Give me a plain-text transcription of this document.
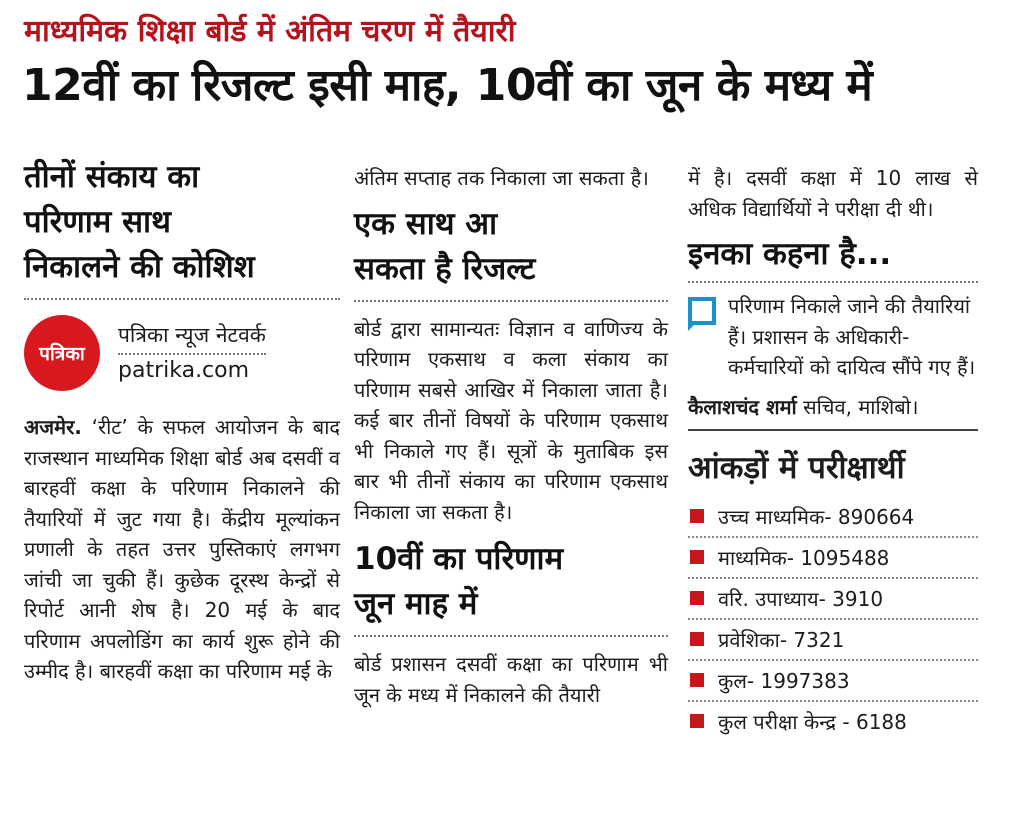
माध्यमिक शिक्षा बोर्ड में अंतिम चरण में तैयारी
12वीं का रिजल्ट इसी माह, 10वीं का जून के मध्य में
तीनों संकाय का
परिणाम साथ
निकालने की कोशिश
पत्रिका
पत्रिका न्यूज नेटवर्क
patrika.com
अजमेर. ‘रीट’ के सफल आयोजन के बाद राजस्थान माध्यमिक शिक्षा बोर्ड अब दसवीं व बारहवीं कक्षा के परिणाम निकालने की तैयारियों में जुट गया है। केंद्रीय मूल्यांकन प्रणाली के तहत उत्तर पुस्तिकाएं लगभग जांची जा चुकी हैं। कुछेक दूरस्थ केन्द्रों से रिपोर्ट आनी शेष है। 20 मई के बाद परिणाम अपलोडिंग का कार्य शुरू होने की उम्मीद है। बारहवीं कक्षा का परिणाम मई के
अंतिम सप्ताह तक निकाला जा सकता है।
एक साथ आ
सकता है रिजल्ट
बोर्ड द्वारा सामान्यतः विज्ञान व वाणिज्य के परिणाम एकसाथ व कला संकाय का परिणाम सबसे आखिर में निकाला जाता है। कई बार तीनों विषयों के परिणाम एकसाथ भी निकाले गए हैं। सूत्रों के मुताबिक इस बार भी तीनों संकाय का परिणाम एकसाथ निकाला जा सकता है।
10वीं का परिणाम
जून माह में
बोर्ड प्रशासन दसवीं कक्षा का परिणाम भी जून के मध्य में निकालने की तैयारी
में है। दसवीं कक्षा में 10 लाख से अधिक विद्यार्थियों ने परीक्षा दी थी।
इनका कहना है...
परिणाम निकाले जाने की तैयारियां हैं। प्रशासन के अधिकारी-कर्मचारियों को दायित्व सौंपे गए हैं।
कैलाशचंद शर्मा सचिव, माशिबो।
आंकड़ों में परीक्षार्थी
उच्च माध्यमिक- 890664
माध्यमिक- 1095488
वरि. उपाध्याय- 3910
प्रवेशिका- 7321
कुल- 1997383
कुल परीक्षा केन्द्र - 6188
